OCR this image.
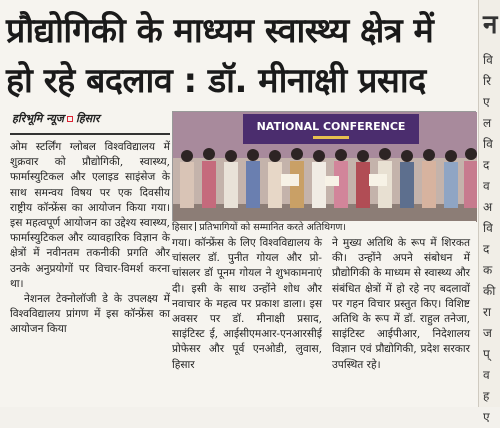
प्रौद्योगिकी के माध्यम स्वास्थ्य क्षेत्र में
हो रहे बदलाव : डॉ. मीनाक्षी प्रसाद
हरिभूमि न्यूज हिसार

ओम स्टर्लिंग ग्लोबल विश्वविद्यालय में शुक्रवार को प्रौद्योगिकी, स्वास्थ्य, फार्मास्युटिकल और एलाइड साइंसेज के साथ समन्वय विषय पर एक दिवसीय राष्ट्रीय कॉन्फ्रेंस का आयोजन किया गया। इस महत्वपूर्ण आयोजन का उद्देश्य स्वास्थ्य, फार्मास्युटिकल और व्यावहारिक विज्ञान के क्षेत्रों में नवीनतम तकनीकी प्रगति और उनके अनुप्रयोगों पर विचार-विमर्श करना था।

नेशनल टेक्नोलॉजी डे के उपलक्ष्य में विश्वविद्यालय प्रांगण में इस कॉन्फ्रेंस का आयोजन किया

NATIONAL CONFERENCE
हिसार प्रतिभागियों को सम्मानित करते अतिथिगण।

गया। कॉन्फ्रेंस के लिए विश्वविद्यालय के चांसलर डॉ. पुनीत गोयल और प्रो-चांसलर डॉ पूनम गोयल ने शुभकामनाएं दी। इसी के साथ उन्होंने शोध और नवाचार के महत्व पर प्रकाश डाला। इस अवसर पर डॉ. मीनाक्षी प्रसाद, साइंटिस्ट ई, आईसीएमआर-एनआरसीई प्रोफेसर और पूर्व एनओडी, लुवास, हिसार

ने मुख्य अतिथि के रूप में शिरकत की। उन्होंने अपने संबोधन में प्रौद्योगिकी के माध्यम से स्वास्थ्य और संबंधित क्षेत्रों में हो रहे नए बदलावों पर गहन विचार प्रस्तुत किए। विशिष्ट अतिथि के रूप में डॉ. राहुल तनेजा, साइंटिस्ट आईपीआर, निदेशालय विज्ञान एवं प्रौद्योगिकी, प्रदेश सरकार उपस्थित रहे।

न
वि
रि
ए
ल
वि
द
व
अ
वि
द
क
की
रा
ज
प्
व
ह
ए
